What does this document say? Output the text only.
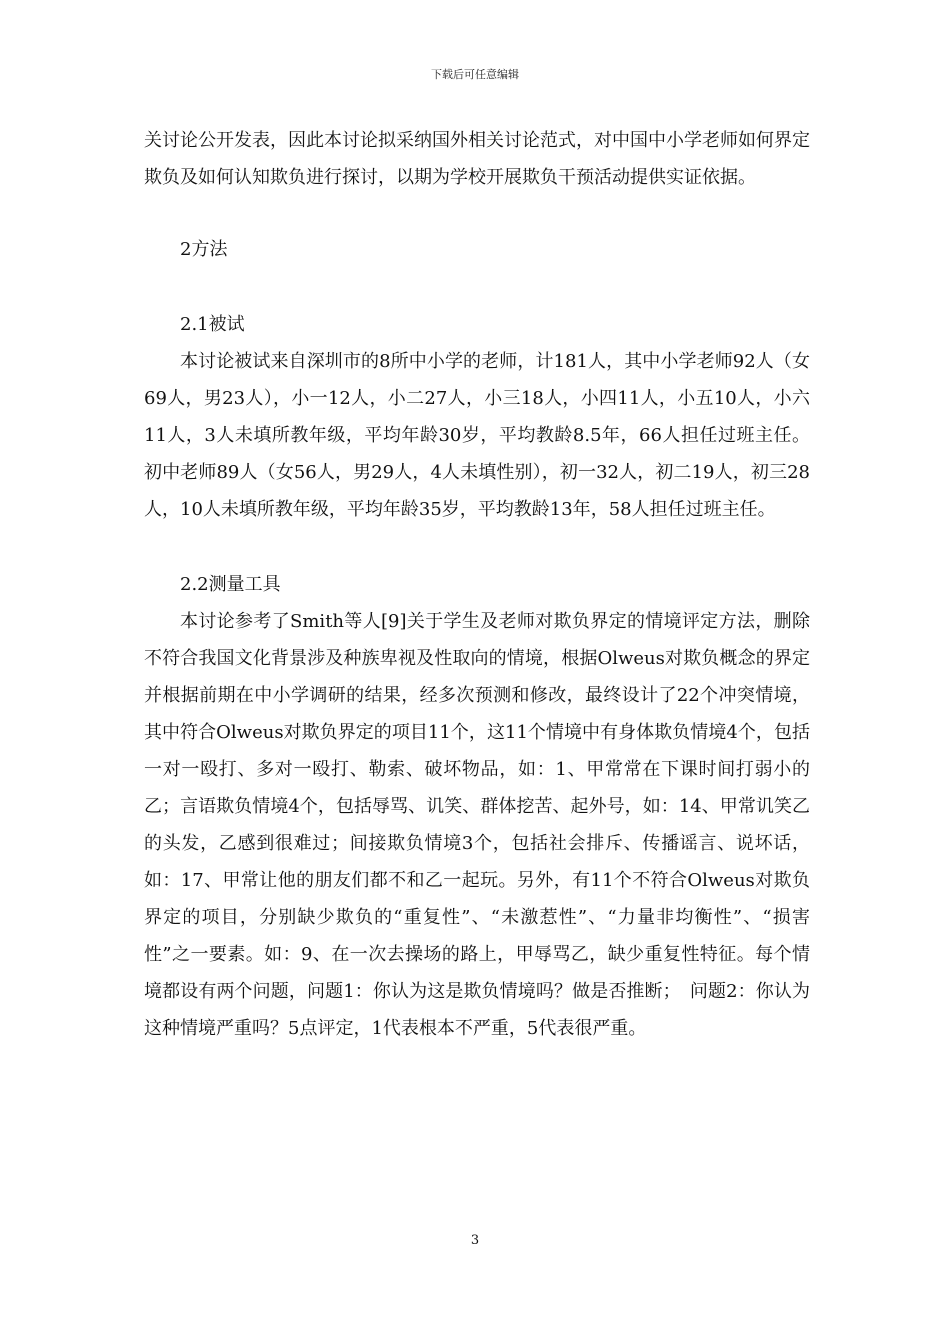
下载后可任意编辑

关讨论公开发表，因此本讨论拟采纳国外相关讨论范式，对中国中小学老师如何界定欺负及如何认知欺负进行探讨，以期为学校开展欺负干预活动提供实证依据。

2方法

2.1被试

本讨论被试来自深圳市的8所中小学的老师，计181人，其中小学老师92人（女69人，男23人），小一12人，小二27人，小三18人，小四11人，小五10人，小六11人，3人未填所教年级，平均年龄30岁，平均教龄8.5年，66人担任过班主任。初中老师89人（女56人，男29人，4人未填性别），初一32人，初二19人，初三28人，10人未填所教年级，平均年龄35岁，平均教龄13年，58人担任过班主任。

2.2测量工具

本讨论参考了Smith等人[9]关于学生及老师对欺负界定的情境评定方法，删除不符合我国文化背景涉及种族卑视及性取向的情境，根据Olweus对欺负概念的界定并根据前期在中小学调研的结果，经多次预测和修改，最终设计了22个冲突情境，其中符合Olweus对欺负界定的项目11个，这11个情境中有身体欺负情境4个，包括一对一殴打、多对一殴打、勒索、破坏物品，如：1、甲常常在下课时间打弱小的乙；言语欺负情境4个，包括辱骂、讥笑、群体挖苦、起外号，如：14、甲常讥笑乙的头发，乙感到很难过；间接欺负情境3个，包括社会排斥、传播谣言、说坏话，如：17、甲常让他的朋友们都不和乙一起玩。另外，有11个不符合Olweus对欺负界定的项目，分别缺少欺负的“重复性”、“未激惹性”、“力量非均衡性”、“损害性”之一要素。如：9、在一次去操场的路上，甲辱骂乙，缺少重复性特征。每个情境都设有两个问题，问题1：你认为这是欺负情境吗？做是否推断；　问题2：你认为这种情境严重吗？5点评定，1代表根本不严重，5代表很严重。

3
